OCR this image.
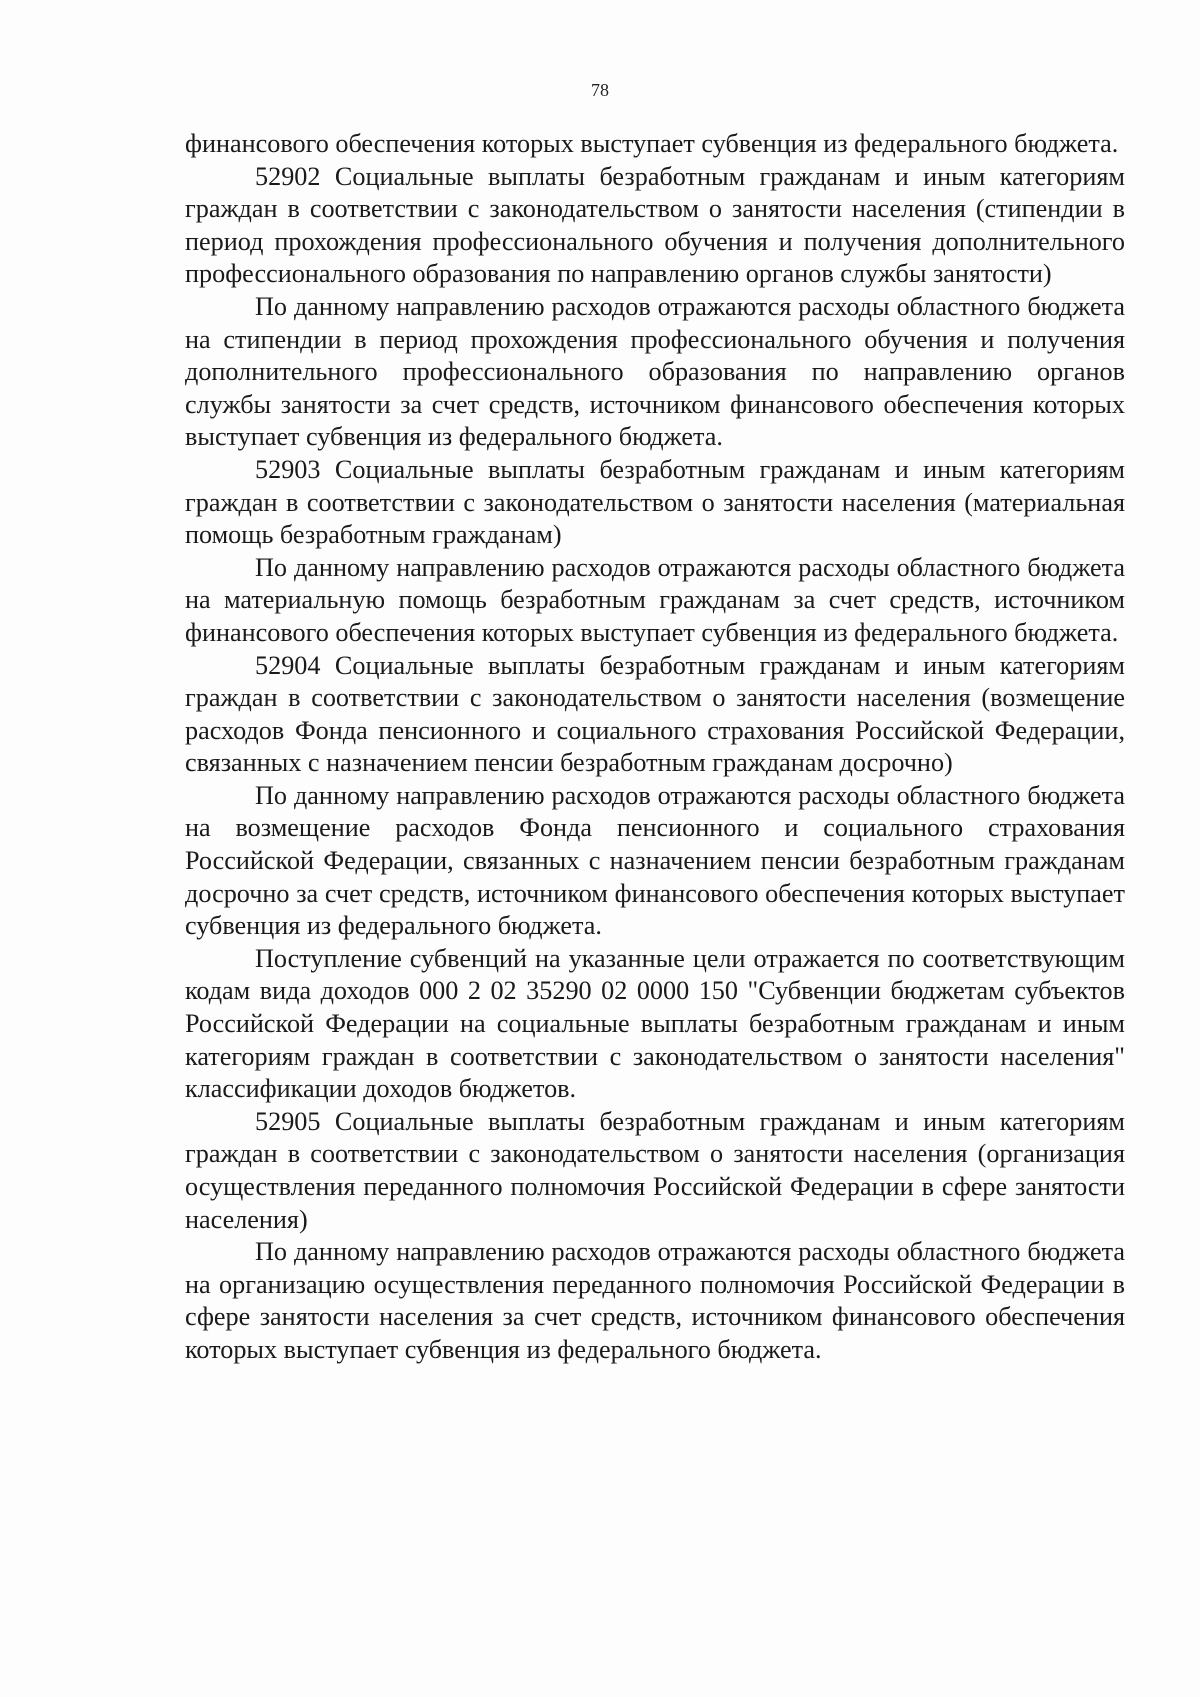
78

финансового обеспечения которых выступает субвенция из федерального бюджета.

52902 Социальные выплаты безработным гражданам и иным категориям граждан в соответствии с законодательством о занятости населения (стипендии в период прохождения профессионального обучения и получения дополнительного профессионального образования по направлению органов службы занятости)

По данному направлению расходов отражаются расходы областного бюджета на стипендии в период прохождения профессионального обучения и получения дополнительного профессионального образования по направлению органов службы занятости за счет средств, источником финансового обеспечения которых выступает субвенция из федерального бюджета.

52903 Социальные выплаты безработным гражданам и иным категориям граждан в соответствии с законодательством о занятости населения (материальная помощь безработным гражданам)

По данному направлению расходов отражаются расходы областного бюджета на материальную помощь безработным гражданам за счет средств, источником финансового обеспечения которых выступает субвенция из федерального бюджета.

52904 Социальные выплаты безработным гражданам и иным категориям граждан в соответствии с законодательством о занятости населения (возмещение расходов Фонда пенсионного и социального страхования Российской Федерации, связанных с назначением пенсии безработным гражданам досрочно)

По данному направлению расходов отражаются расходы областного бюджета на возмещение расходов Фонда пенсионного и социального страхования Российской Федерации, связанных с назначением пенсии безработным гражданам досрочно за счет средств, источником финансового обеспечения которых выступает субвенция из федерального бюджета.

Поступление субвенций на указанные цели отражается по соответствующим кодам вида доходов 000 2 02 35290 02 0000 150 "Субвенции бюджетам субъектов Российской Федерации на социальные выплаты безработным гражданам и иным категориям граждан в соответствии с законодательством о занятости населения" классификации доходов бюджетов.

52905 Социальные выплаты безработным гражданам и иным категориям граждан в соответствии с законодательством о занятости населения (организация осуществления переданного полномочия Российской Федерации в сфере занятости населения)

По данному направлению расходов отражаются расходы областного бюджета на организацию осуществления переданного полномочия Российской Федерации в сфере занятости населения за счет средств, источником финансового обеспечения которых выступает субвенция из федерального бюджета.
